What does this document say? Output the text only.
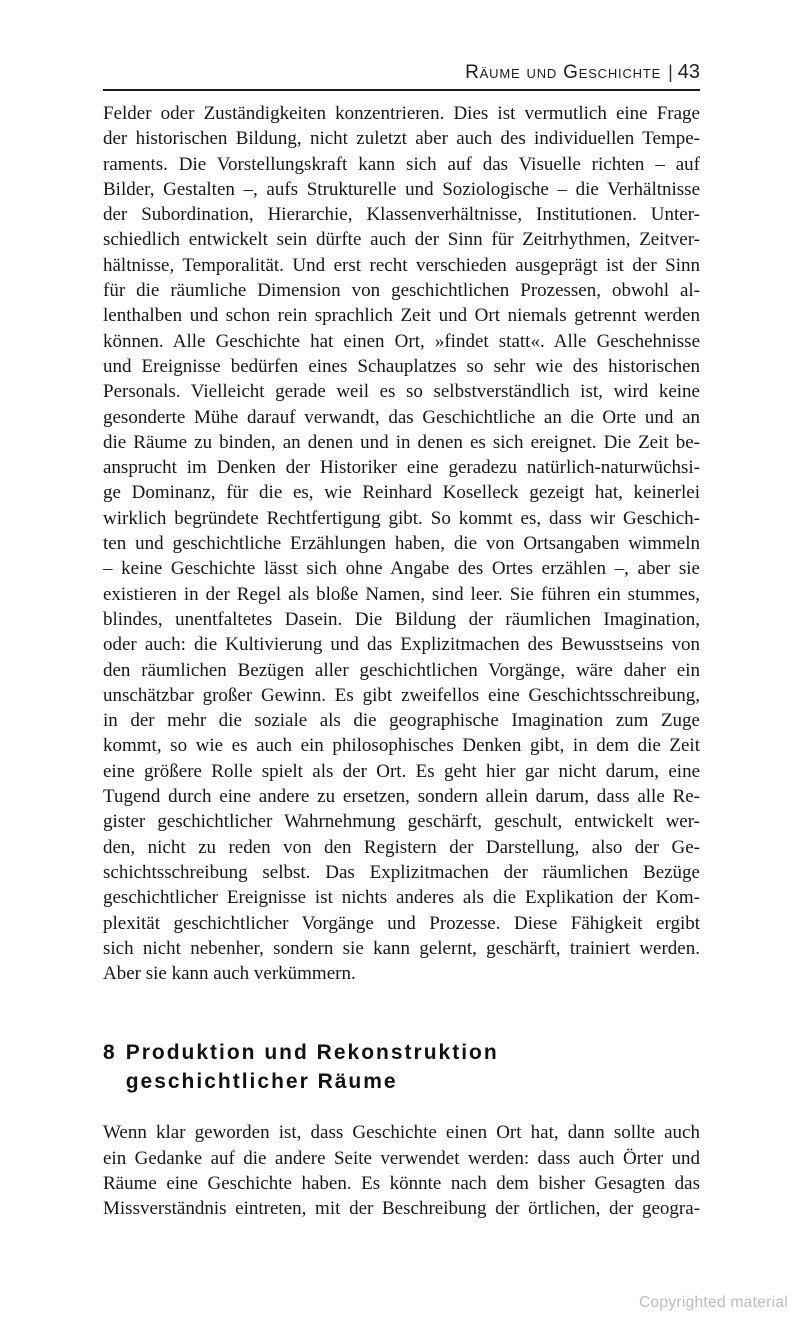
Räume und Geschichte | 43
Felder oder Zuständigkeiten konzentrieren. Dies ist vermutlich eine Frage
der historischen Bildung, nicht zuletzt aber auch des individuellen Tempe-
raments. Die Vorstellungskraft kann sich auf das Visuelle richten – auf
Bilder, Gestalten –, aufs Strukturelle und Soziologische – die Verhältnisse
der Subordination, Hierarchie, Klassenverhältnisse, Institutionen. Unter-
schiedlich entwickelt sein dürfte auch der Sinn für Zeitrhythmen, Zeitver-
hältnisse, Temporalität. Und erst recht verschieden ausgeprägt ist der Sinn
für die räumliche Dimension von geschichtlichen Prozessen, obwohl al-
lenthalben und schon rein sprachlich Zeit und Ort niemals getrennt werden
können. Alle Geschichte hat einen Ort, »findet statt«. Alle Geschehnisse
und Ereignisse bedürfen eines Schauplatzes so sehr wie des historischen
Personals. Vielleicht gerade weil es so selbstverständlich ist, wird keine
gesonderte Mühe darauf verwandt, das Geschichtliche an die Orte und an
die Räume zu binden, an denen und in denen es sich ereignet. Die Zeit be-
ansprucht im Denken der Historiker eine geradezu natürlich-naturwüchsi-
ge Dominanz, für die es, wie Reinhard Koselleck gezeigt hat, keinerlei
wirklich begründete Rechtfertigung gibt. So kommt es, dass wir Geschich-
ten und geschichtliche Erzählungen haben, die von Ortsangaben wimmeln
– keine Geschichte lässt sich ohne Angabe des Ortes erzählen –, aber sie
existieren in der Regel als bloße Namen, sind leer. Sie führen ein stummes,
blindes, unentfaltetes Dasein. Die Bildung der räumlichen Imagination,
oder auch: die Kultivierung und das Explizitmachen des Bewusstseins von
den räumlichen Bezügen aller geschichtlichen Vorgänge, wäre daher ein
unschätzbar großer Gewinn. Es gibt zweifellos eine Geschichtsschreibung,
in der mehr die soziale als die geographische Imagination zum Zuge
kommt, so wie es auch ein philosophisches Denken gibt, in dem die Zeit
eine größere Rolle spielt als der Ort. Es geht hier gar nicht darum, eine
Tugend durch eine andere zu ersetzen, sondern allein darum, dass alle Re-
gister geschichtlicher Wahrnehmung geschärft, geschult, entwickelt wer-
den, nicht zu reden von den Registern der Darstellung, also der Ge-
schichtsschreibung selbst. Das Explizitmachen der räumlichen Bezüge
geschichtlicher Ereignisse ist nichts anderes als die Explikation der Kom-
plexität geschichtlicher Vorgänge und Prozesse. Diese Fähigkeit ergibt
sich nicht nebenher, sondern sie kann gelernt, geschärft, trainiert werden.
Aber sie kann auch verkümmern.
8 Produktion und Rekonstruktion
geschichtlicher Räume
Wenn klar geworden ist, dass Geschichte einen Ort hat, dann sollte auch
ein Gedanke auf die andere Seite verwendet werden: dass auch Örter und
Räume eine Geschichte haben. Es könnte nach dem bisher Gesagten das
Missverständnis eintreten, mit der Beschreibung der örtlichen, der geogra-
Copyrighted material
